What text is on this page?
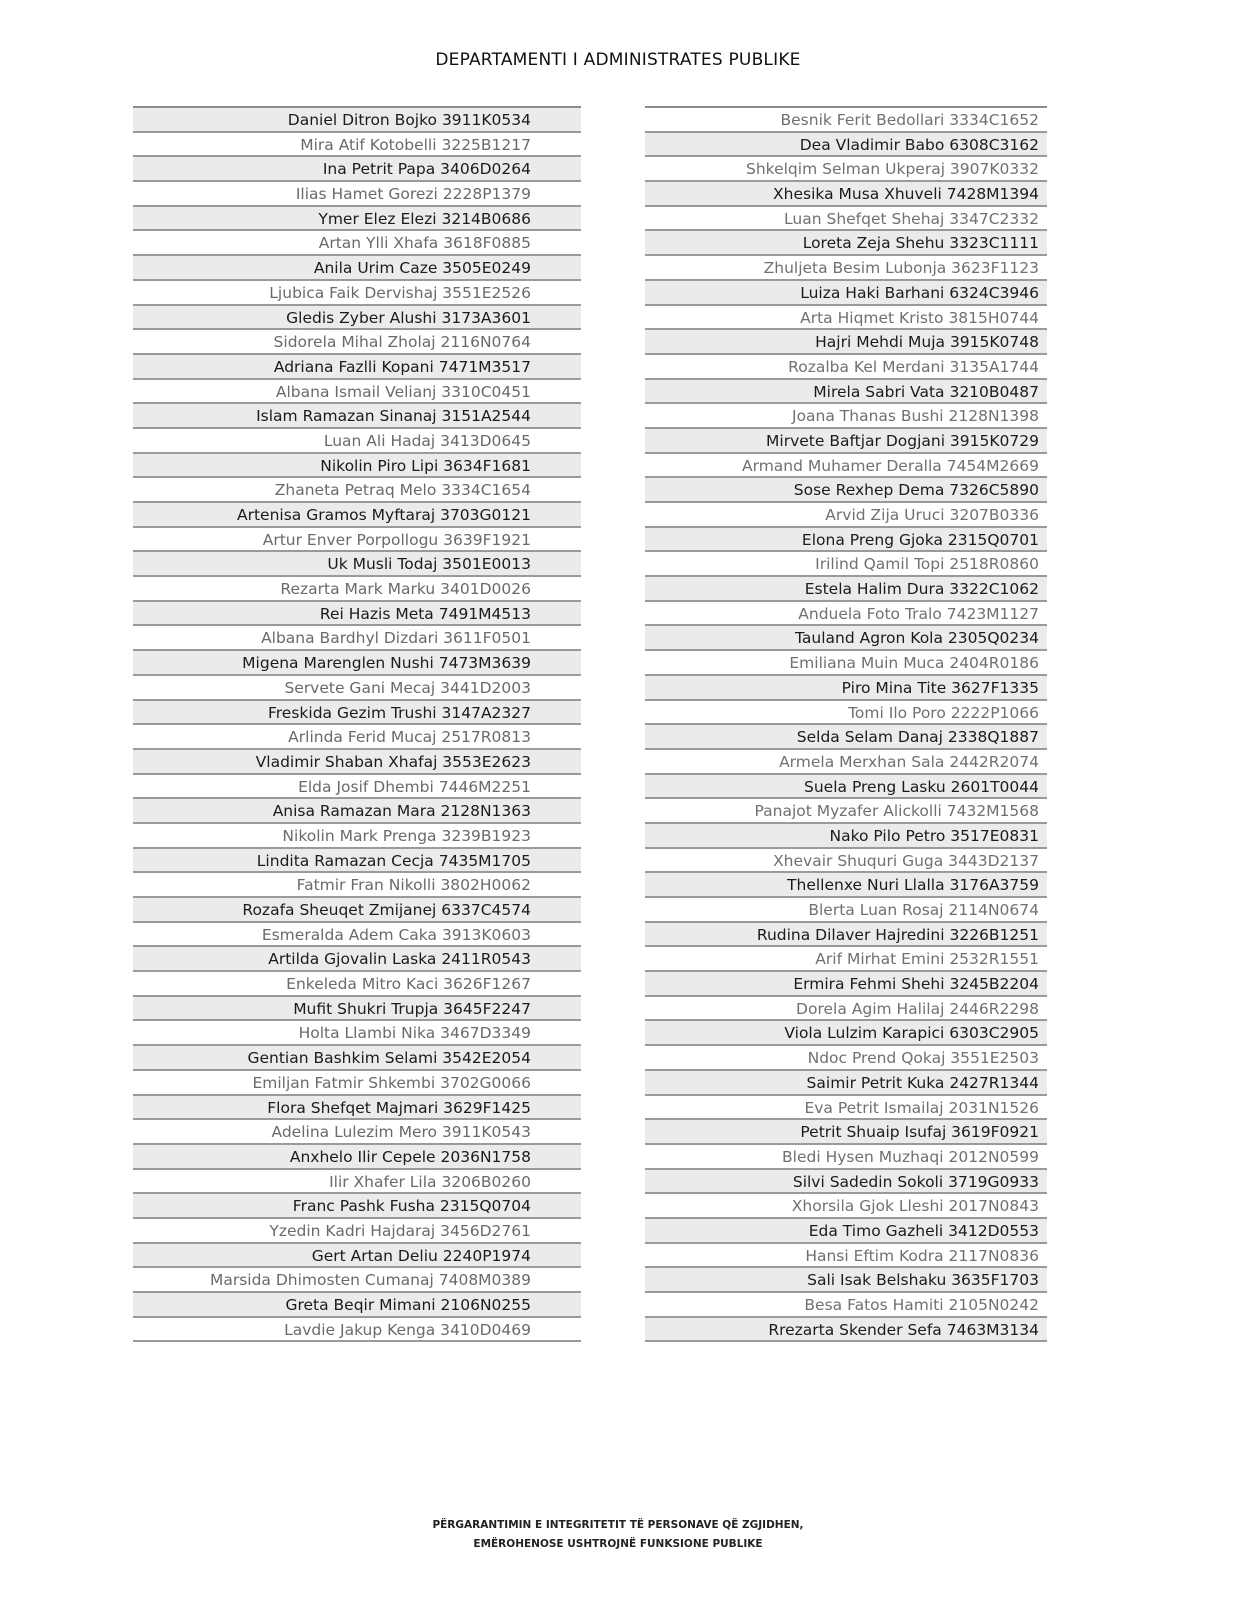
DEPARTAMENTI I ADMINISTRATES PUBLIKE
Daniel Ditron Bojko 3911K0534
Mira Atif Kotobelli 3225B1217
Ina Petrit Papa 3406D0264
Ilias Hamet Gorezi 2228P1379
Ymer Elez Elezi 3214B0686
Artan Ylli Xhafa 3618F0885
Anila Urim Caze 3505E0249
Ljubica Faik Dervishaj 3551E2526
Gledis Zyber Alushi 3173A3601
Sidorela Mihal Zholaj 2116N0764
Adriana Fazlli Kopani 7471M3517
Albana Ismail Velianj 3310C0451
Islam Ramazan Sinanaj 3151A2544
Luan Ali Hadaj 3413D0645
Nikolin Piro Lipi 3634F1681
Zhaneta Petraq Melo 3334C1654
Artenisa Gramos Myftaraj 3703G0121
Artur Enver Porpollogu 3639F1921
Uk Musli Todaj 3501E0013
Rezarta Mark Marku 3401D0026
Rei Hazis Meta 7491M4513
Albana Bardhyl Dizdari 3611F0501
Migena Marenglen Nushi 7473M3639
Servete Gani Mecaj 3441D2003
Freskida Gezim Trushi 3147A2327
Arlinda Ferid Mucaj 2517R0813
Vladimir Shaban Xhafaj 3553E2623
Elda Josif Dhembi 7446M2251
Anisa Ramazan Mara 2128N1363
Nikolin Mark Prenga 3239B1923
Lindita Ramazan Cecja 7435M1705
Fatmir Fran Nikolli 3802H0062
Rozafa Sheuqet Zmijanej 6337C4574
Esmeralda Adem Caka 3913K0603
Artilda Gjovalin Laska 2411R0543
Enkeleda Mitro Kaci 3626F1267
Mufit Shukri Trupja 3645F2247
Holta Llambi Nika 3467D3349
Gentian Bashkim Selami 3542E2054
Emiljan Fatmir Shkembi 3702G0066
Flora Shefqet Majmari 3629F1425
Adelina Lulezim Mero 3911K0543
Anxhelo Ilir Cepele 2036N1758
Ilir Xhafer Lila 3206B0260
Franc Pashk Fusha 2315Q0704
Yzedin Kadri Hajdaraj 3456D2761
Gert Artan Deliu 2240P1974
Marsida Dhimosten Cumanaj 7408M0389
Greta Beqir Mimani 2106N0255
Lavdie Jakup Kenga 3410D0469
Besnik Ferit Bedollari 3334C1652
Dea Vladimir Babo 6308C3162
Shkelqim Selman Ukperaj 3907K0332
Xhesika Musa Xhuveli 7428M1394
Luan Shefqet Shehaj 3347C2332
Loreta Zeja Shehu 3323C1111
Zhuljeta Besim Lubonja 3623F1123
Luiza Haki Barhani 6324C3946
Arta Hiqmet Kristo 3815H0744
Hajri Mehdi Muja 3915K0748
Rozalba Kel Merdani 3135A1744
Mirela Sabri Vata 3210B0487
Joana Thanas Bushi 2128N1398
Mirvete Baftjar Dogjani 3915K0729
Armand Muhamer Deralla 7454M2669
Sose Rexhep Dema 7326C5890
Arvid Zija Uruci 3207B0336
Elona Preng Gjoka 2315Q0701
Irilind Qamil Topi 2518R0860
Estela Halim Dura 3322C1062
Anduela Foto Tralo 7423M1127
Tauland Agron Kola 2305Q0234
Emiliana Muin Muca 2404R0186
Piro Mina Tite 3627F1335
Tomi Ilo Poro 2222P1066
Selda Selam Danaj 2338Q1887
Armela Merxhan Sala 2442R2074
Suela Preng Lasku 2601T0044
Panajot Myzafer Alickolli 7432M1568
Nako Pilo Petro 3517E0831
Xhevair Shuquri Guga 3443D2137
Thellenxe Nuri Llalla 3176A3759
Blerta Luan Rosaj 2114N0674
Rudina Dilaver Hajredini 3226B1251
Arif Mirhat Emini 2532R1551
Ermira Fehmi Shehi 3245B2204
Dorela Agim Halilaj 2446R2298
Viola Lulzim Karapici 6303C2905
Ndoc Prend Qokaj 3551E2503
Saimir Petrit Kuka 2427R1344
Eva Petrit Ismailaj 2031N1526
Petrit Shuaip Isufaj 3619F0921
Bledi Hysen Muzhaqi 2012N0599
Silvi Sadedin Sokoli 3719G0933
Xhorsila Gjok Lleshi 2017N0843
Eda Timo Gazheli 3412D0553
Hansi Eftim Kodra 2117N0836
Sali Isak Belshaku 3635F1703
Besa Fatos Hamiti 2105N0242
Rrezarta Skender Sefa 7463M3134
PËRGARANTIMIN E INTEGRITETIT TË PERSONAVE QË ZGJIDHEN,
EMËROHENOSE USHTROJNË FUNKSIONE PUBLIKE
